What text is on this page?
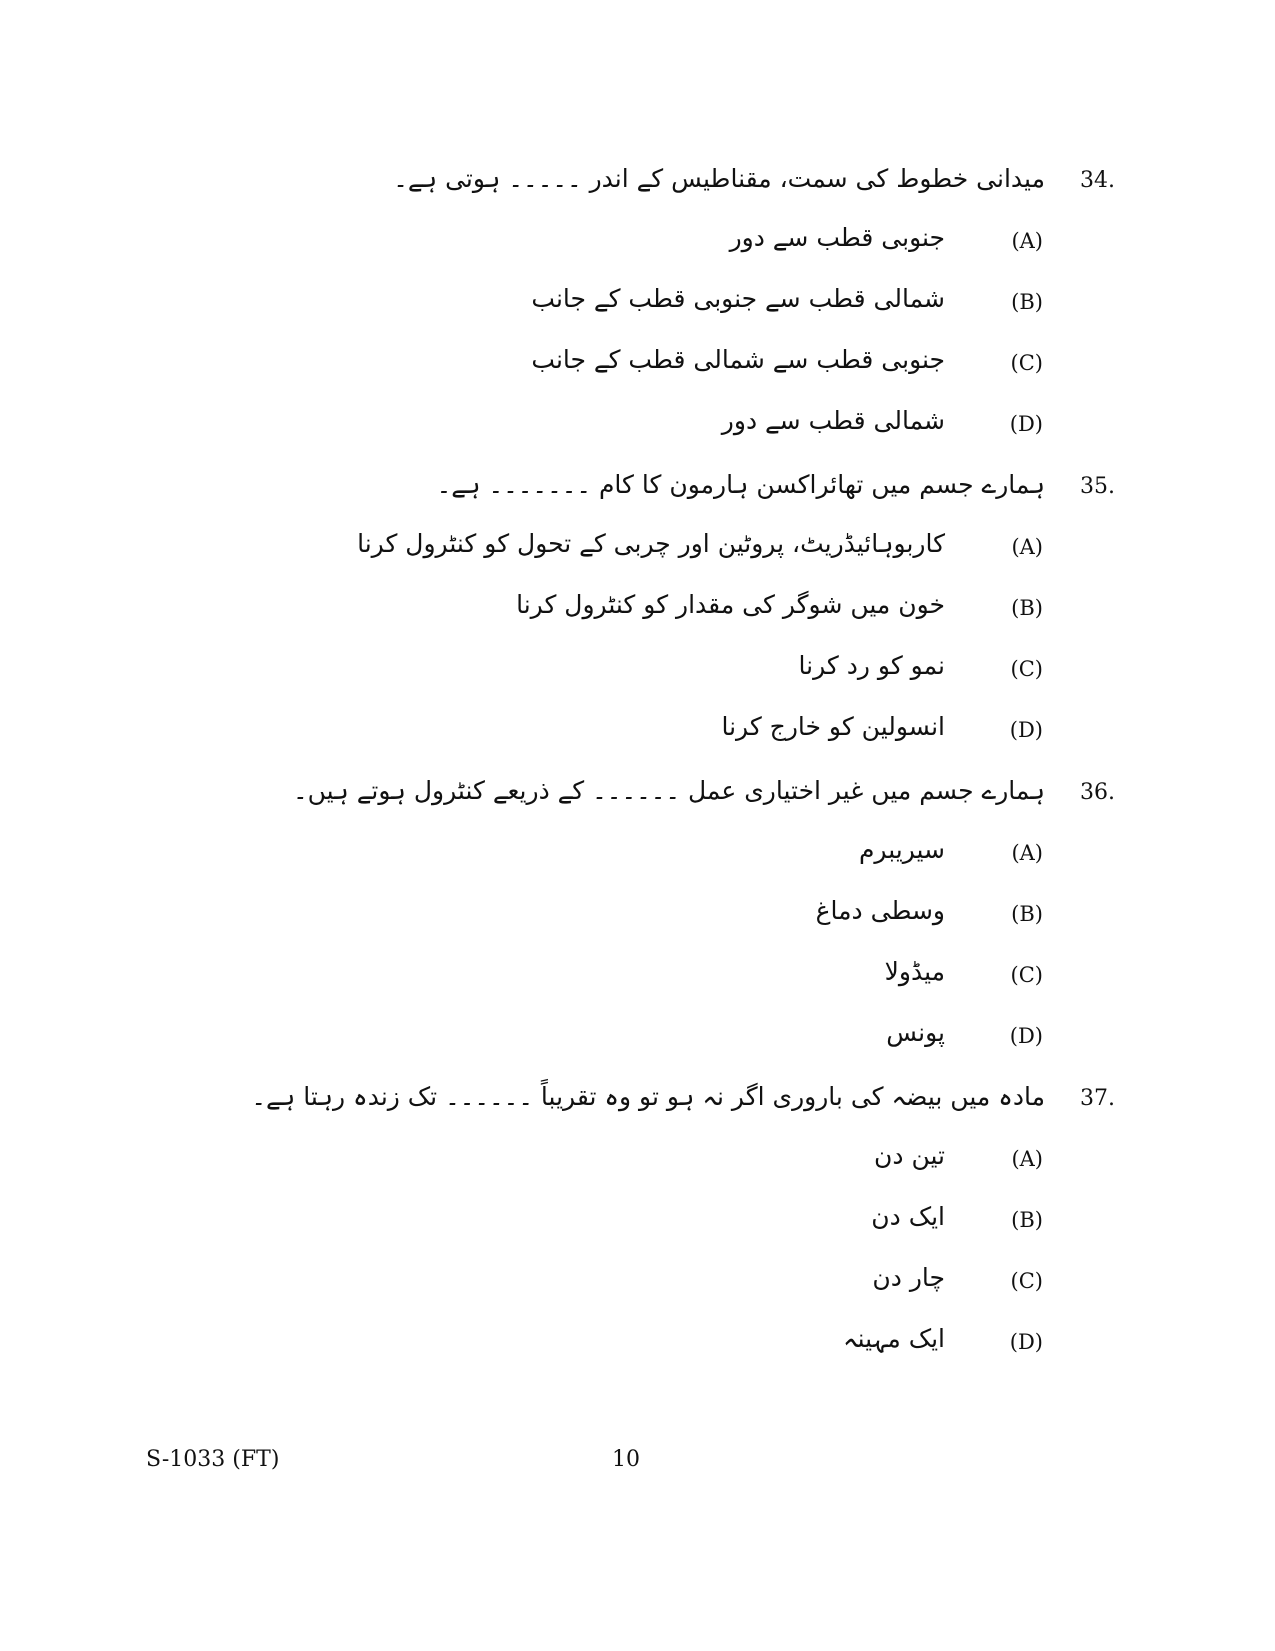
34.
میدانی خطوط کی سمت، مقناطیس کے اندر ۔۔۔۔۔ ہوتی ہے۔
(A)
جنوبی قطب سے دور
(B)
شمالی قطب سے جنوبی قطب کے جانب
(C)
جنوبی قطب سے شمالی قطب کے جانب
(D)
شمالی قطب سے دور
35.
ہمارے جسم میں تھائراکسن ہارمون کا کام ۔۔۔۔۔۔۔ ہے۔
(A)
کاربوہائیڈریٹ، پروٹین اور چربی کے تحول کو کنٹرول کرنا
(B)
خون میں شوگر کی مقدار کو کنٹرول کرنا
(C)
نمو کو رد کرنا
(D)
انسولین کو خارج کرنا
36.
ہمارے جسم میں غیر اختیاری عمل ۔۔۔۔۔۔ کے ذریعے کنٹرول ہوتے ہیں۔
(A)
سیریبرم
(B)
وسطی دماغ
(C)
میڈولا
(D)
پونس
37.
مادہ میں بیضہ کی باروری اگر نہ ہو تو وہ تقریباً ۔۔۔۔۔۔ تک زندہ رہتا ہے۔
(A)
تین دن
(B)
ایک دن
(C)
چار دن
(D)
ایک مہینہ
S-1033 (FT)	10
